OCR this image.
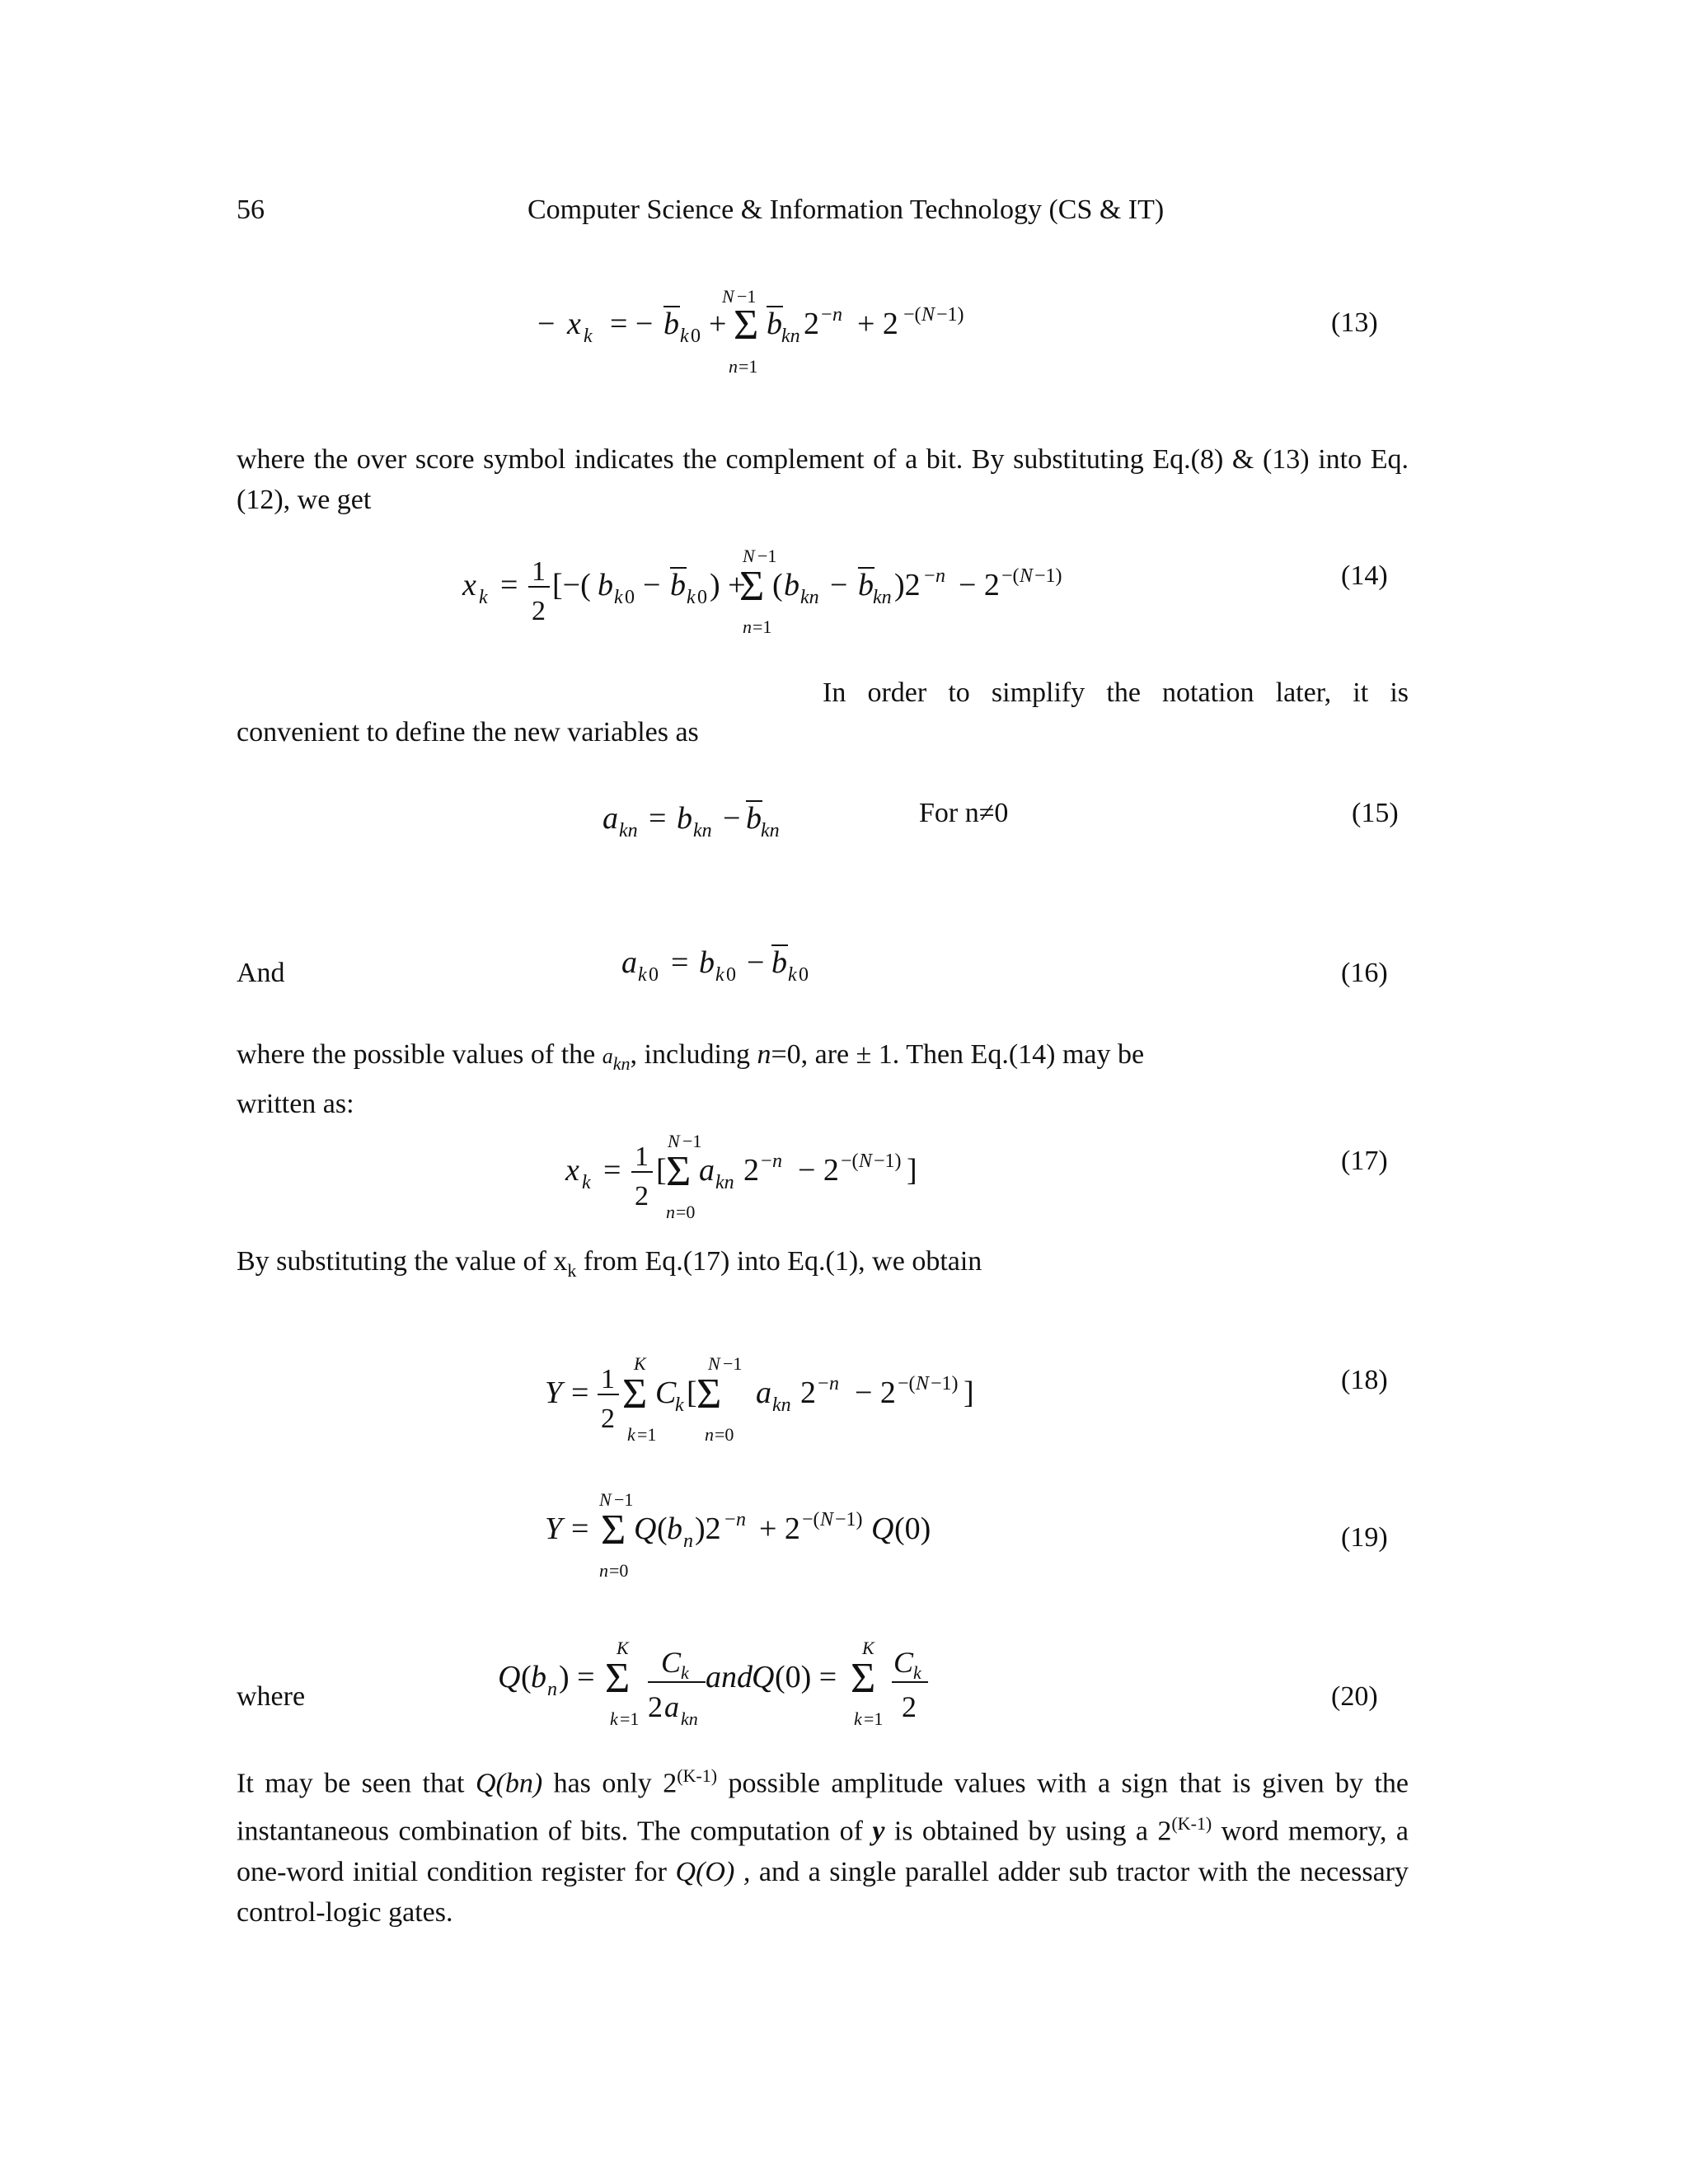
56	Computer Science & Information Technology (CS & IT)
− x k = − b k 0 + Σ
N −1
n =1
b kn 2 − n + 2 −( N −1)	(13)
where the over score symbol indicates the complement of a bit. By substituting Eq.(8) & (13) into Eq.(12), we get
x k = 1
2
[−( b k 0 − b k 0 ) +
Σ
N −1
n =1
( b kn − b kn )2 − n − 2 −( N −1)	(14)
In order to simplify the notation later, it is
convenient to define the new variables as
a kn = b kn − b kn
For n≠0	(15)
And	a k 0 = b k 0 − b k 0	(16)
where the possible values of the $a_{kn}$, including n=0, are ± 1. Then Eq.(14) may be
written as:
x k = 1
2
[ Σ
N −1
n =0
a kn 2 − n − 2 −( N −1) ]	(17)
By substituting the value of $x_k$ from Eq.(17) into Eq.(1), we obtain
Y = 1
2
Σ
K
k =1
C
k [ Σ
N −1
n =0
a kn 2 − n − 2 −( N −1) ]	(18)
Y = Σ
N −1
n =0
Q ( b n )2 − n + 2 −( N −1) Q (0)	(19)
where
Q ( b n ) = Σ
K
k =1
C k
2 a kn
and Q (0) = Σ
K
k =1
C k
2	(20)
It may be seen that Q(bn) has only $2^{(K-1)}$ possible amplitude values with a sign that is given by the instantaneous combination of bits. The computation of y is obtained by using a $2^{(K-1)}$ word memory, a one-word initial condition register for Q(O) , and a single parallel adder sub tractor with the necessary control-logic gates.
